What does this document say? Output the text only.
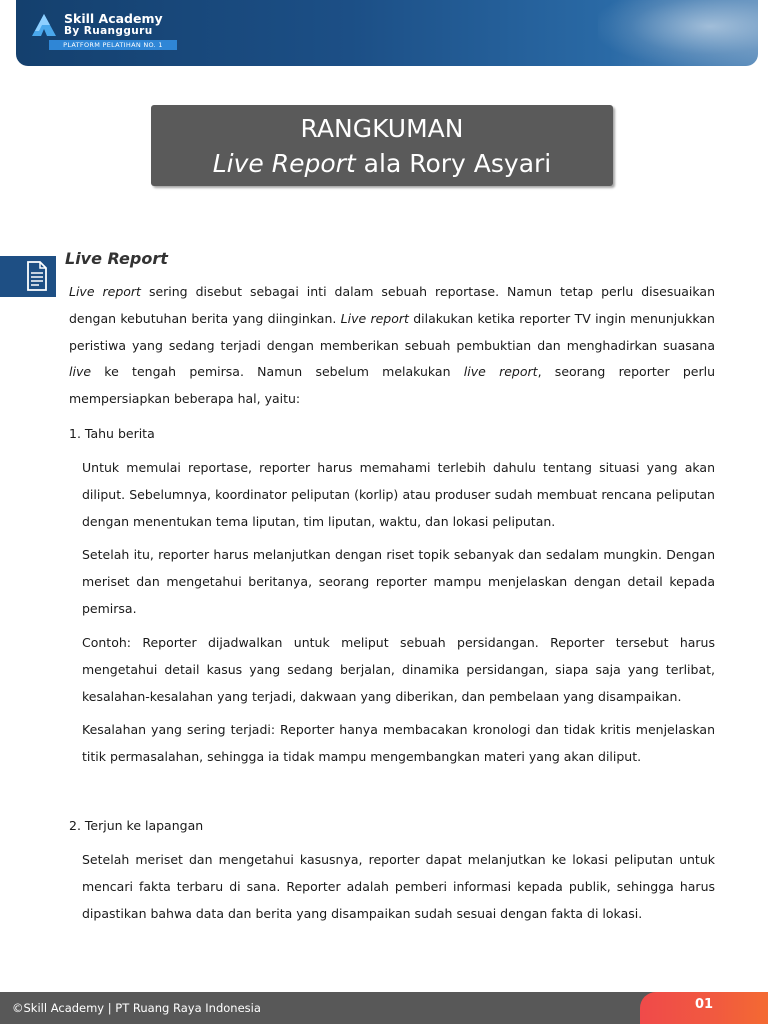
Skill Academy
By Ruangguru
PLATFORM PELATIHAN NO. 1
RANGKUMAN
Live Report ala Rory Asyari
Live Report

Live report sering disebut sebagai inti dalam sebuah reportase. Namun tetap perlu disesuaikan dengan kebutuhan berita yang diinginkan. Live report dilakukan ketika reporter TV ingin menunjukkan peristiwa yang sedang terjadi dengan memberikan sebuah pembuktian dan menghadirkan suasana live ke tengah pemirsa. Namun sebelum melakukan live report, seorang reporter perlu mempersiapkan beberapa hal, yaitu:

1. Tahu berita

Untuk memulai reportase, reporter harus memahami terlebih dahulu tentang situasi yang akan diliput. Sebelumnya, koordinator peliputan (korlip) atau produser sudah membuat rencana peliputan dengan menentukan tema liputan, tim liputan, waktu, dan lokasi peliputan.

Setelah itu, reporter harus melanjutkan dengan riset topik sebanyak dan sedalam mungkin. Dengan meriset dan mengetahui beritanya, seorang reporter mampu menjelaskan dengan detail kepada pemirsa.

Contoh: Reporter dijadwalkan untuk meliput sebuah persidangan. Reporter tersebut harus mengetahui detail kasus yang sedang berjalan, dinamika persidangan, siapa saja yang terlibat, kesalahan-kesalahan yang terjadi, dakwaan yang diberikan, dan pembelaan yang disampaikan.

Kesalahan yang sering terjadi: Reporter hanya membacakan kronologi dan tidak kritis menjelaskan titik permasalahan, sehingga ia tidak mampu mengembangkan materi yang akan diliput.

2. Terjun ke lapangan

Setelah meriset dan mengetahui kasusnya, reporter dapat melanjutkan ke lokasi peliputan untuk mencari fakta terbaru di sana. Reporter adalah pemberi informasi kepada publik, sehingga harus dipastikan bahwa data dan berita yang disampaikan sudah sesuai dengan fakta di lokasi.

©Skill Academy | PT Ruang Raya Indonesia	01
